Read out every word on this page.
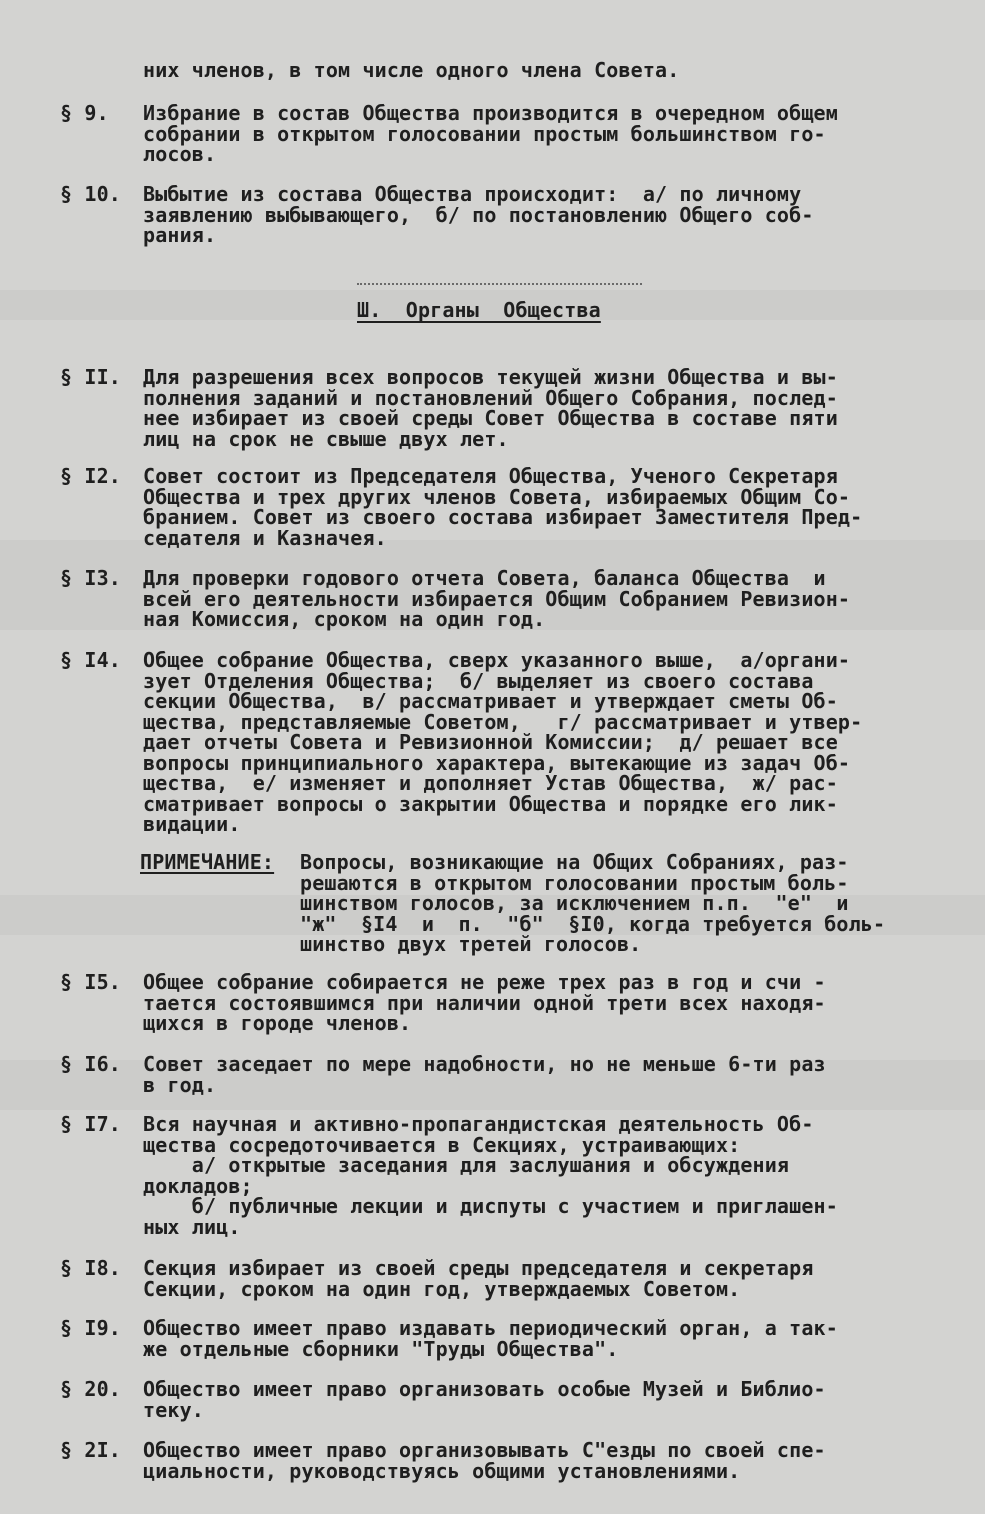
них членов, в том числе одного члена Совета.
§ 9. Избрание в состав Общества производится в очередном общем
собрании в открытом голосовании простым большинством го-
лосов.
§ 10. Выбытие из состава Общества происходит:  а/ по личному
заявлению выбывающего,  б/ по постановлению Общего соб-
рания.
Ш.  Органы  Общества
§ II. Для разрешения всех вопросов текущей жизни Общества и вы-
полнения заданий и постановлений Общего Собрания, послед-
нее избирает из своей среды Совет Общества в составе пяти
лиц на срок не свыше двух лет.
§ I2. Совет состоит из Председателя Общества, Ученого Секретаря
Общества и трех других членов Совета, избираемых Общим Со-
бранием. Совет из своего состава избирает Заместителя Пред-
седателя и Казначея.
§ I3. Для проверки годового отчета Совета, баланса Общества  и
всей его деятельности избирается Общим Собранием Ревизион-
ная Комиссия, сроком на один год.
§ I4. Общее собрание Общества, сверх указанного выше,  а/органи-
зует Отделения Общества;  б/ выделяет из своего состава
секции Общества,  в/ рассматривает и утверждает сметы Об-
щества, представляемые Советом,   г/ рассматривает и утвер-
дает отчеты Совета и Ревизионной Комиссии;  д/ решает все
вопросы принципиального характера, вытекающие из задач Об-
щества,  е/ изменяет и дополняет Устав Общества,  ж/ рас-
сматривает вопросы о закрытии Общества и порядке его лик-
видации.
ПРИМЕЧАНИЕ: Вопросы, возникающие на Общих Собраниях, раз-
решаются в открытом голосовании простым боль-
шинством голосов, за исключением п.п.  "е"  и
"ж"  §I4  и  п.  "б"  §I0, когда требуется боль-
шинство двух третей голосов.
§ I5. Общее собрание собирается не реже трех раз в год и счи -
тается состоявшимся при наличии одной трети всех находя-
щихся в городе членов.
§ I6. Совет заседает по мере надобности, но не меньше 6-ти раз
в год.
§ I7. Вся научная и активно-пропагандистская деятельность Об-
щества сосредоточивается в Секциях, устраивающих:
а/ открытые заседания для заслушания и обсуждения
докладов;
б/ публичные лекции и диспуты с участием и приглашен-
ных лиц.
§ I8. Секция избирает из своей среды председателя и секретаря
Секции, сроком на один год, утверждаемых Советом.
§ I9. Общество имеет право издавать периодический орган, а так-
же отдельные сборники "Труды Общества".
§ 20. Общество имеет право организовать особые Музей и Библио-
теку.
§ 2I. Общество имеет право организовывать С"езды по своей спе-
циальности, руководствуясь общими установлениями.
